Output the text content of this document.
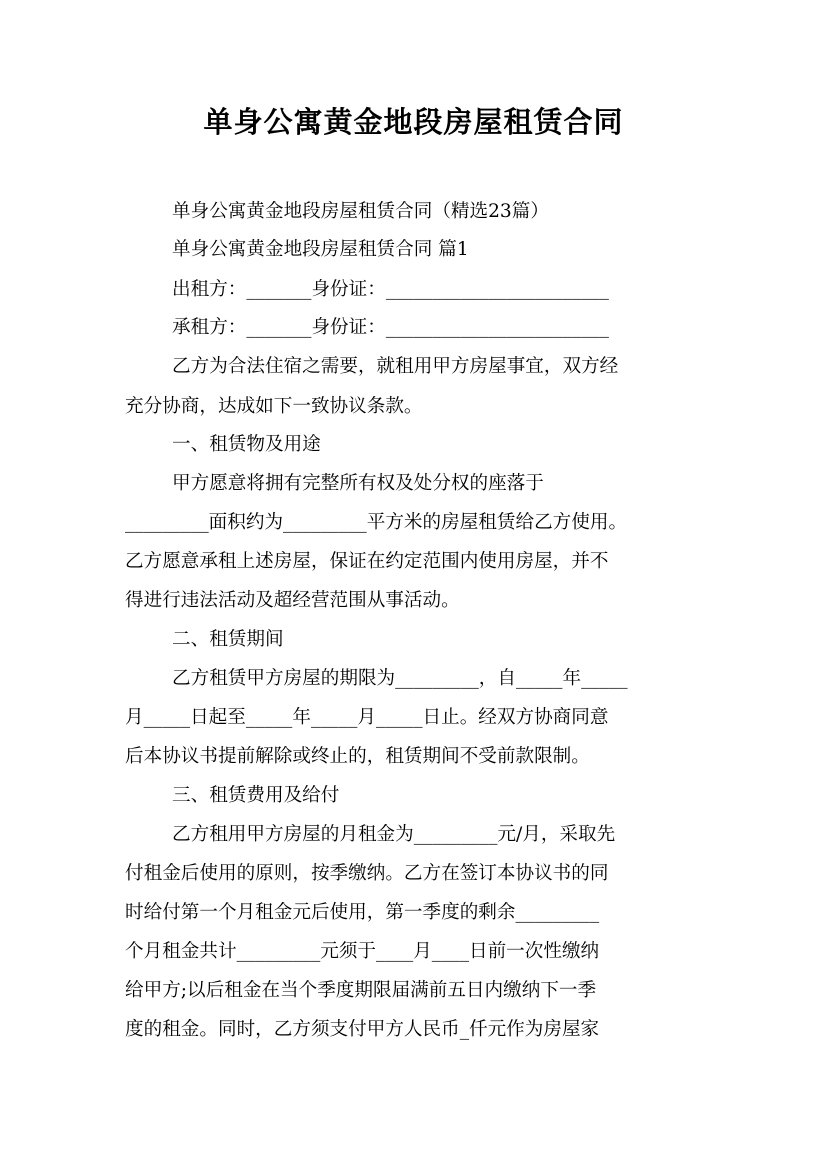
单身公寓黄金地段房屋租赁合同
单身公寓黄金地段房屋租赁合同（精选23篇）
单身公寓黄金地段房屋租赁合同 篇1
出租方：_______身份证：________________________
承租方：_______身份证：________________________
乙方为合法住宿之需要，就租用甲方房屋事宜，双方经
充分协商，达成如下一致协议条款。
一、租赁物及用途
甲方愿意将拥有完整所有权及处分权的座落于
_________面积约为_________平方米的房屋租赁给乙方使用。
乙方愿意承租上述房屋，保证在约定范围内使用房屋，并不
得进行违法活动及超经营范围从事活动。
二、租赁期间
乙方租赁甲方房屋的期限为_________，自_____年_____
月_____日起至_____年_____月_____日止。经双方协商同意
后本协议书提前解除或终止的，租赁期间不受前款限制。
三、租赁费用及给付
乙方租用甲方房屋的月租金为_________元/月，采取先
付租金后使用的原则，按季缴纳。乙方在签订本协议书的同
时给付第一个月租金元后使用，第一季度的剩余_________
个月租金共计_________元须于____月____日前一次性缴纳
给甲方;以后租金在当个季度期限届满前五日内缴纳下一季
度的租金。同时，乙方须支付甲方人民币_仟元作为房屋家
